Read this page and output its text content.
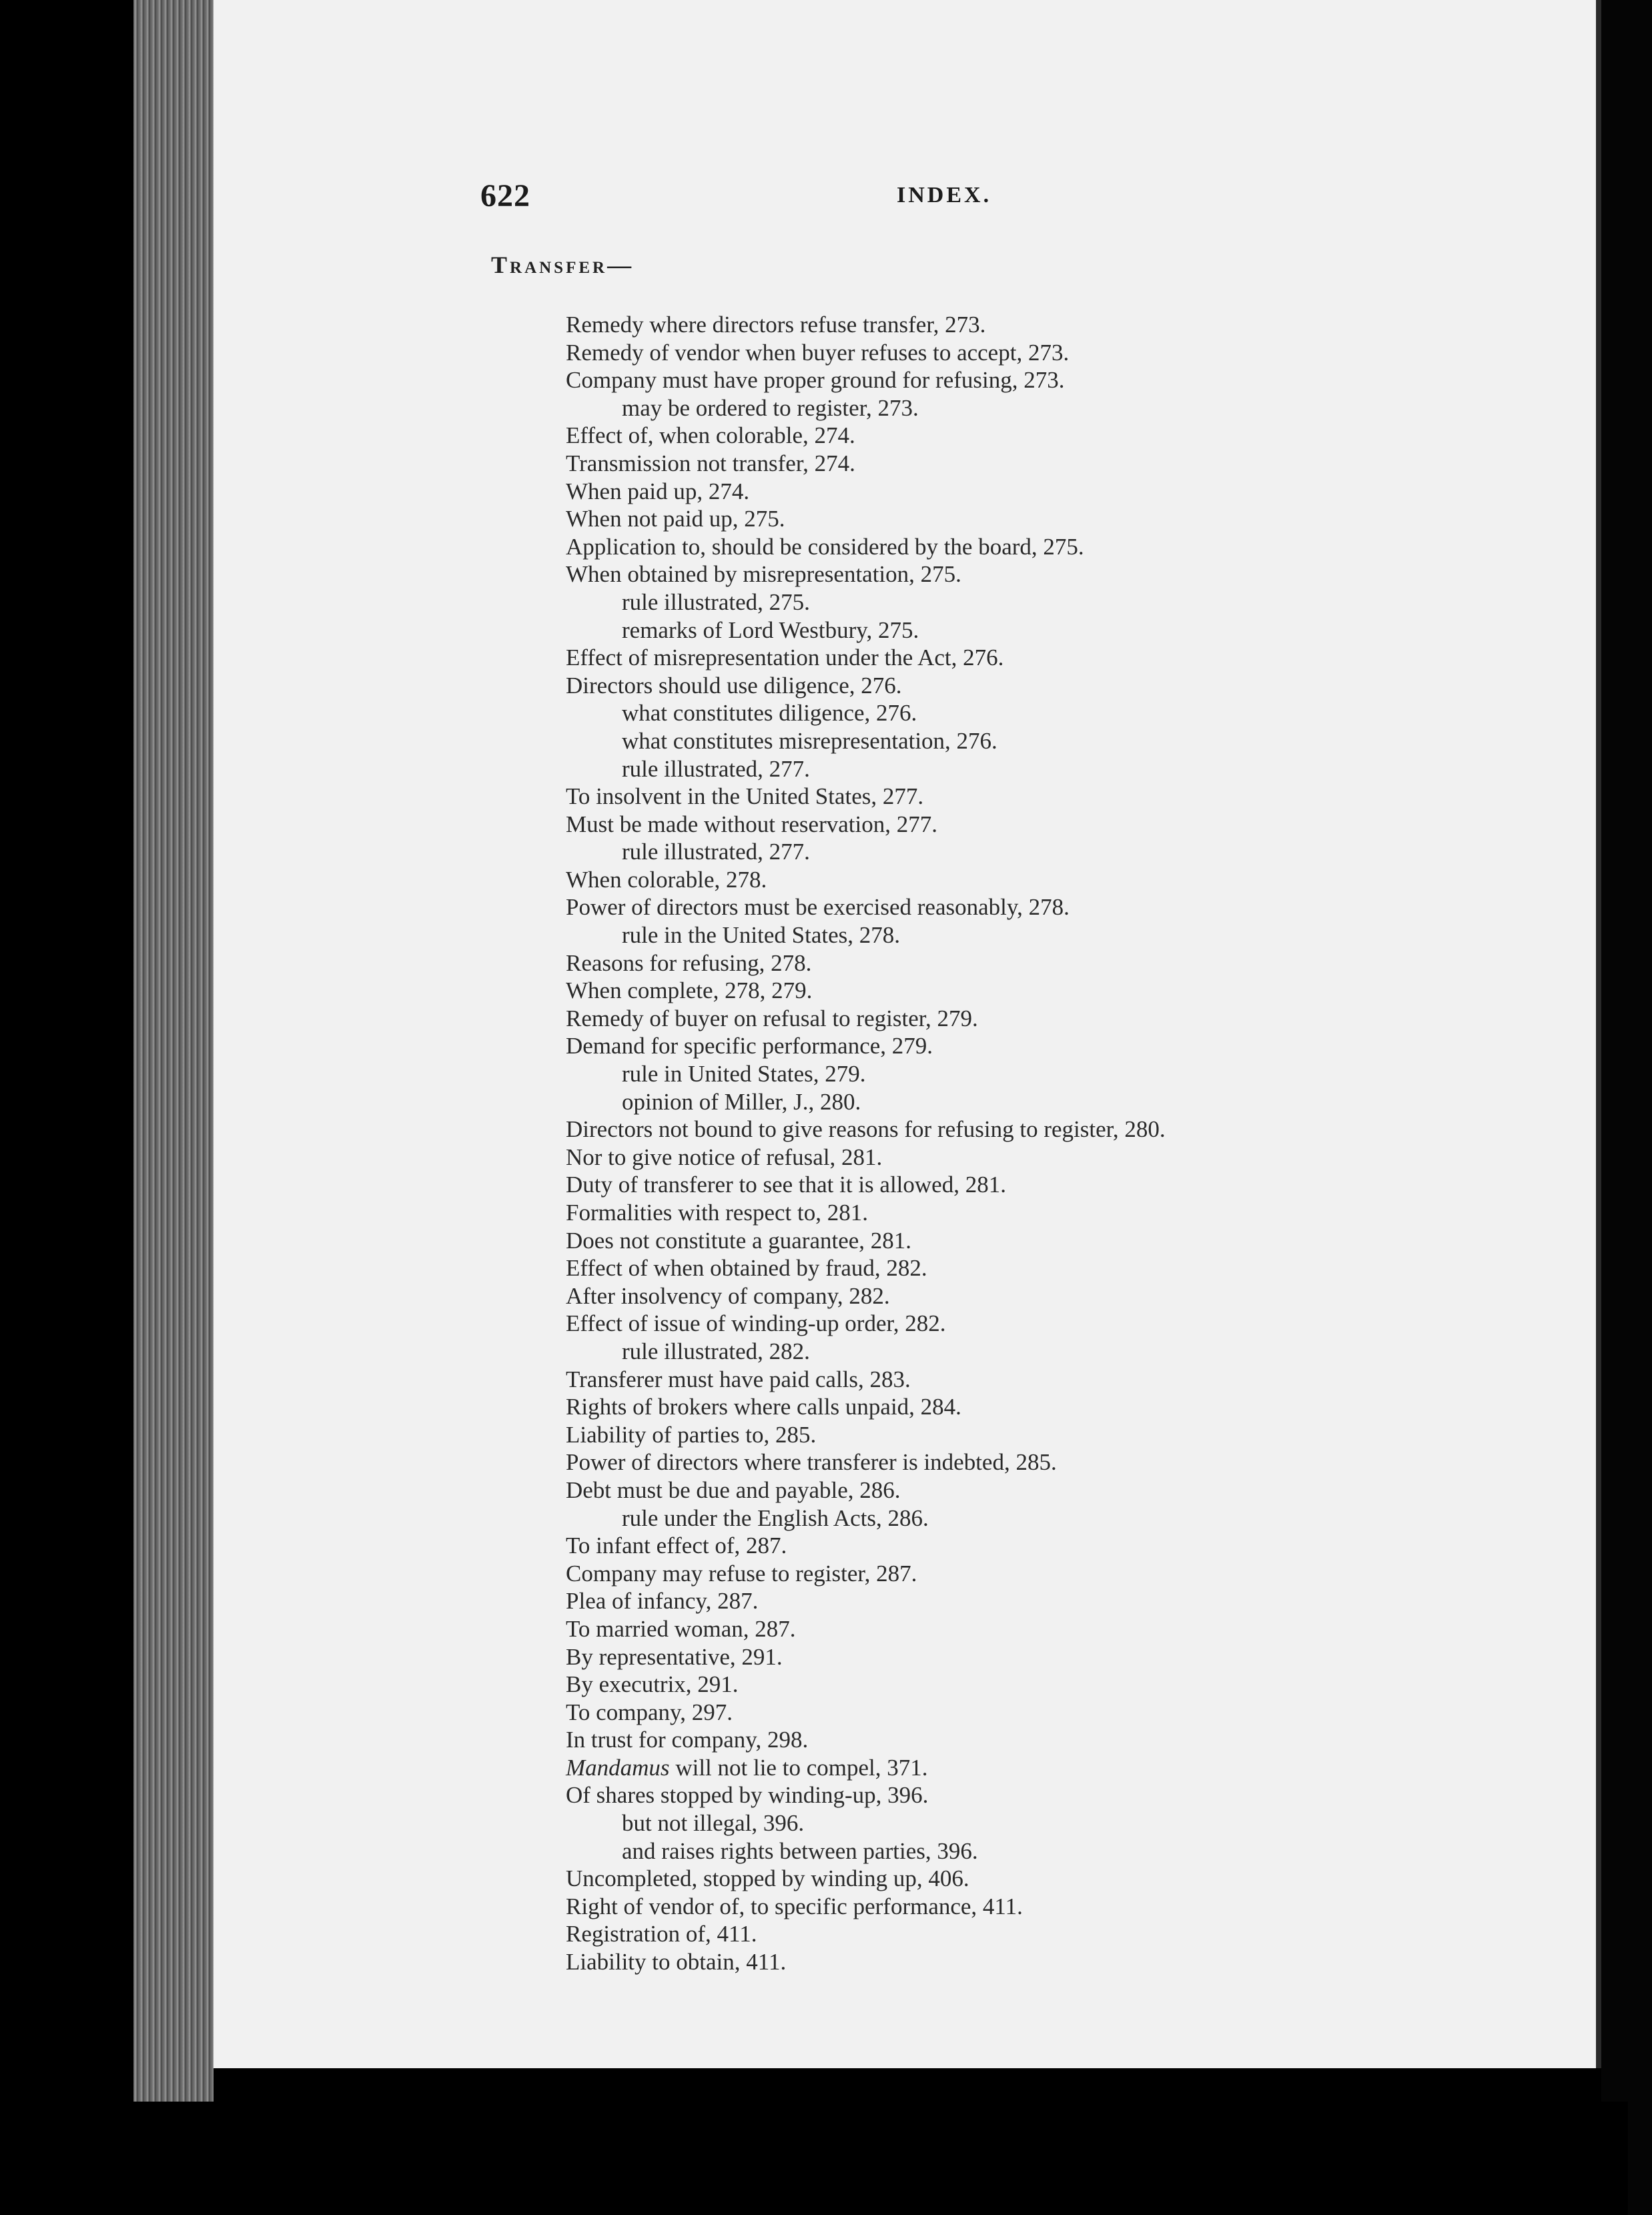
622	INDEX.
Transfer—
Remedy where directors refuse transfer, 273.
Remedy of vendor when buyer refuses to accept, 273.
Company must have proper ground for refusing, 273.
may be ordered to register, 273.
Effect of, when colorable, 274.
Transmission not transfer, 274.
When paid up, 274.
When not paid up, 275.
Application to, should be considered by the board, 275.
When obtained by misrepresentation, 275.
rule illustrated, 275.
remarks of Lord Westbury, 275.
Effect of misrepresentation under the Act, 276.
Directors should use diligence, 276.
what constitutes diligence, 276.
what constitutes misrepresentation, 276.
rule illustrated, 277.
To insolvent in the United States, 277.
Must be made without reservation, 277.
rule illustrated, 277.
When colorable, 278.
Power of directors must be exercised reasonably, 278.
rule in the United States, 278.
Reasons for refusing, 278.
When complete, 278, 279.
Remedy of buyer on refusal to register, 279.
Demand for specific performance, 279.
rule in United States, 279.
opinion of Miller, J., 280.
Directors not bound to give reasons for refusing to register, 280.
Nor to give notice of refusal, 281.
Duty of transferer to see that it is allowed, 281.
Formalities with respect to, 281.
Does not constitute a guarantee, 281.
Effect of when obtained by fraud, 282.
After insolvency of company, 282.
Effect of issue of winding-up order, 282.
rule illustrated, 282.
Transferer must have paid calls, 283.
Rights of brokers where calls unpaid, 284.
Liability of parties to, 285.
Power of directors where transferer is indebted, 285.
Debt must be due and payable, 286.
rule under the English Acts, 286.
To infant effect of, 287.
Company may refuse to register, 287.
Plea of infancy, 287.
To married woman, 287.
By representative, 291.
By executrix, 291.
To company, 297.
In trust for company, 298.
Mandamus will not lie to compel, 371.
Of shares stopped by winding-up, 396.
but not illegal, 396.
and raises rights between parties, 396.
Uncompleted, stopped by winding up, 406.
Right of vendor of, to specific performance, 411.
Registration of, 411.
Liability to obtain, 411.
